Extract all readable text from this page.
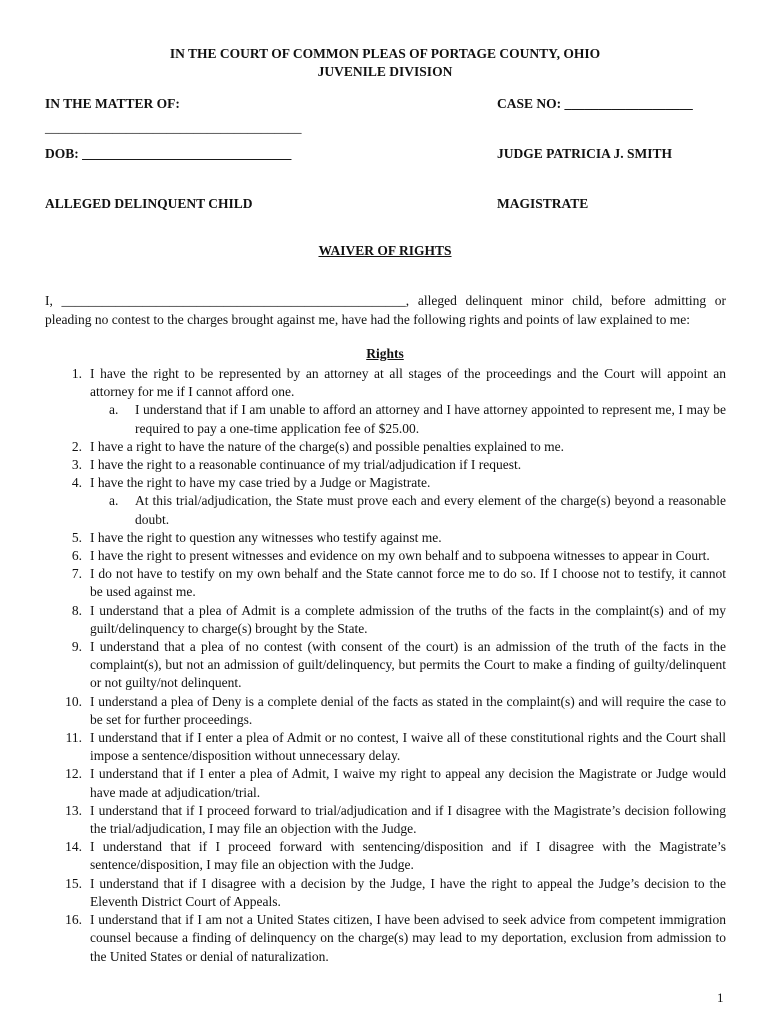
IN THE COURT OF COMMON PLEAS OF PORTAGE COUNTY, OHIO
JUVENILE DIVISION
IN THE MATTER OF:	CASE NO: ___________________
______________________________________
DOB: _______________________________	JUDGE PATRICIA J. SMITH
ALLEGED DELINQUENT CHILD	MAGISTRATE
WAIVER OF RIGHTS
I, ___________________________________________________, alleged delinquent minor child, before admitting or pleading no contest to the charges brought against me, have had the following rights and points of law explained to me:
Rights
1. I have the right to be represented by an attorney at all stages of the proceedings and the Court will appoint an attorney for me if I cannot afford one.
a. I understand that if I am unable to afford an attorney and I have attorney appointed to represent me, I may be required to pay a one-time application fee of $25.00.
2. I have a right to have the nature of the charge(s) and possible penalties explained to me.
3. I have the right to a reasonable continuance of my trial/adjudication if I request.
4. I have the right to have my case tried by a Judge or Magistrate.
a. At this trial/adjudication, the State must prove each and every element of the charge(s) beyond a reasonable doubt.
5. I have the right to question any witnesses who testify against me.
6. I have the right to present witnesses and evidence on my own behalf and to subpoena witnesses to appear in Court.
7. I do not have to testify on my own behalf and the State cannot force me to do so. If I choose not to testify, it cannot be used against me.
8. I understand that a plea of Admit is a complete admission of the truths of the facts in the complaint(s) and of my guilt/delinquency to charge(s) brought by the State.
9. I understand that a plea of no contest (with consent of the court) is an admission of the truth of the facts in the complaint(s), but not an admission of guilt/delinquency, but permits the Court to make a finding of guilty/delinquent or not guilty/not delinquent.
10. I understand a plea of Deny is a complete denial of the facts as stated in the complaint(s) and will require the case to be set for further proceedings.
11. I understand that if I enter a plea of Admit or no contest, I waive all of these constitutional rights and the Court shall impose a sentence/disposition without unnecessary delay.
12. I understand that if I enter a plea of Admit, I waive my right to appeal any decision the Magistrate or Judge would have made at adjudication/trial.
13. I understand that if I proceed forward to trial/adjudication and if I disagree with the Magistrate’s decision following the trial/adjudication, I may file an objection with the Judge.
14. I understand that if I proceed forward with sentencing/disposition and if I disagree with the Magistrate’s sentence/disposition, I may file an objection with the Judge.
15. I understand that if I disagree with a decision by the Judge, I have the right to appeal the Judge’s decision to the Eleventh District Court of Appeals.
16. I understand that if I am not a United States citizen, I have been advised to seek advice from competent immigration counsel because a finding of delinquency on the charge(s) may lead to my deportation, exclusion from admission to the United States or denial of naturalization.
1
